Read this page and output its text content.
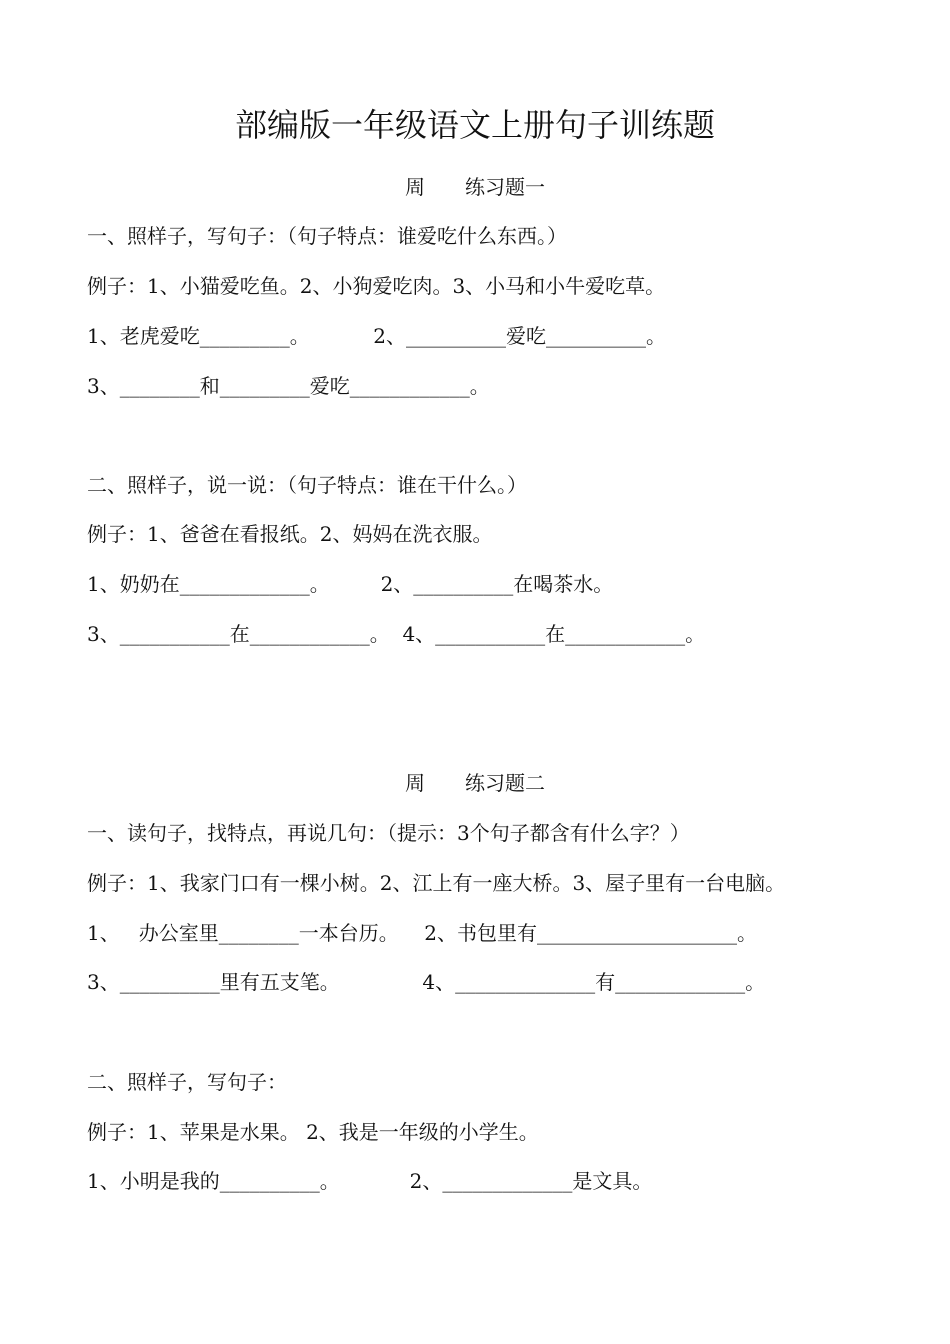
部编版一年级语文上册句子训练题
周　　练习题一
一、照样子，写句子：（句子特点：谁爱吃什么东西。）
例子：1、小猫爱吃鱼。2、小狗爱吃肉。3、小马和小牛爱吃草。
1、老虎爱吃_________。          2、__________爱吃__________。
3、________和_________爱吃____________。
二、照样子，说一说：（句子特点：谁在干什么。）
例子：1、爸爸在看报纸。2、妈妈在洗衣服。
1、奶奶在_____________。        2、__________在喝茶水。
3、___________在____________。  4、___________在____________。
周　　练习题二
一、读句子，找特点，再说几句：（提示：3个句子都含有什么字？）
例子：1、我家门口有一棵小树。2、江上有一座大桥。3、屋子里有一台电脑。
1、   办公室里________一本台历。    2、书包里有____________________。
3、__________里有五支笔。             4、______________有_____________。
二、照样子，写句子：
例子：1、苹果是水果。 2、我是一年级的小学生。
1、小明是我的__________。           2、_____________是文具。
